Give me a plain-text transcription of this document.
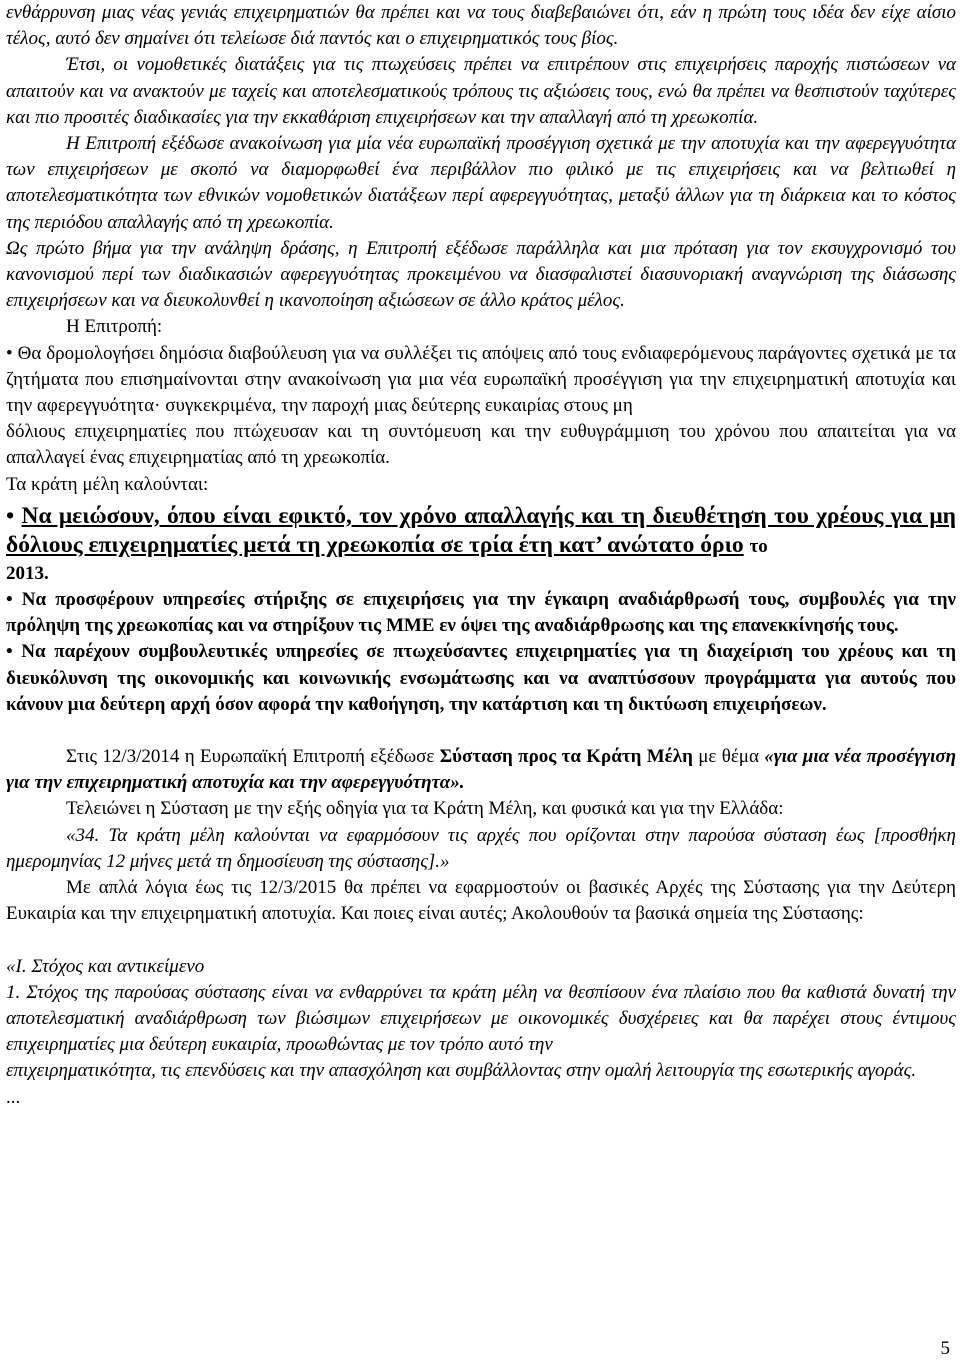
ενθάρρυνση μιας νέας γενιάς επιχειρηματιών θα πρέπει και να τους διαβεβαιώνει ότι, εάν η πρώτη τους ιδέα δεν είχε αίσιο τέλος, αυτό δεν σημαίνει ότι τελείωσε διά παντός και ο επιχειρηματικός τους βίος.

Έτσι, οι νομοθετικές διατάξεις για τις πτωχεύσεις πρέπει να επιτρέπουν στις επιχειρήσεις παροχής πιστώσεων να απαιτούν και να ανακτούν με ταχείς και αποτελεσματικούς τρόπους τις αξιώσεις τους, ενώ θα πρέπει να θεσπιστούν ταχύτερες και πιο προσιτές διαδικασίες για την εκκαθάριση επιχειρήσεων και την απαλλαγή από τη χρεωκοπία.

Η Επιτροπή εξέδωσε ανακοίνωση για μία νέα ευρωπαϊκή προσέγγιση σχετικά με την αποτυχία και την αφερεγγυότητα των επιχειρήσεων με σκοπό να διαμορφωθεί ένα περιβάλλον πιο φιλικό με τις επιχειρήσεις και να βελτιωθεί η αποτελεσματικότητα των εθνικών νομοθετικών διατάξεων περί αφερεγγυότητας, μεταξύ άλλων για τη διάρκεια και το κόστος της περιόδου απαλλαγής από τη χρεωκοπία.

Ως πρώτο βήμα για την ανάληψη δράσης, η Επιτροπή εξέδωσε παράλληλα και μια πρόταση για τον εκσυγχρονισμό του κανονισμού περί των διαδικασιών αφερεγγυότητας προκειμένου να διασφαλιστεί διασυνοριακή αναγνώριση της διάσωσης επιχειρήσεων και να διευκολυνθεί η ικανοποίηση αξιώσεων σε άλλο κράτος μέλος.

Η Επιτροπή:

• Θα δρομολογήσει δημόσια διαβούλευση για να συλλέξει τις απόψεις από τους ενδιαφερόμενους παράγοντες σχετικά με τα ζητήματα που επισημαίνονται στην ανακοίνωση για μια νέα ευρωπαϊκή προσέγγιση για την επιχειρηματική αποτυχία και την αφερεγγυότητα· συγκεκριμένα, την παροχή μιας δεύτερης ευκαιρίας στους μη

δόλιους επιχειρηματίες που πτώχευσαν και τη συντόμευση και την ευθυγράμμιση του χρόνου που απαιτείται για να απαλλαγεί ένας επιχειρηματίας από τη χρεωκοπία.

Τα κράτη μέλη καλούνται:

• Να μειώσουν, όπου είναι εφικτό, τον χρόνο απαλλαγής και τη διευθέτηση του χρέους για μη δόλιους επιχειρηματίες μετά τη χρεωκοπία σε τρία έτη κατ’ ανώτατο όριο το

2013.

• Να προσφέρουν υπηρεσίες στήριξης σε επιχειρήσεις για την έγκαιρη αναδιάρθρωσή τους, συμβουλές για την πρόληψη της χρεωκοπίας και να στηρίξουν τις ΜΜΕ εν όψει της αναδιάρθρωσης και της επανεκκίνησής τους.

• Να παρέχουν συμβουλευτικές υπηρεσίες σε πτωχεύσαντες επιχειρηματίες για τη διαχείριση του χρέους και τη διευκόλυνση της οικονομικής και κοινωνικής ενσωμάτωσης και να αναπτύσσουν προγράμματα για αυτούς που κάνουν μια δεύτερη αρχή όσον αφορά την καθοήγηση, την κατάρτιση και τη δικτύωση επιχειρήσεων.

Στις 12/3/2014 η Ευρωπαϊκή Επιτροπή εξέδωσε Σύσταση προς τα Κράτη Μέλη με θέμα «για μια νέα προσέγγιση για την επιχειρηματική αποτυχία και την αφερεγγυότητα».

Τελειώνει η Σύσταση με την εξής οδηγία για τα Κράτη Μέλη, και φυσικά και για την Ελλάδα:

«34. Τα κράτη μέλη καλούνται να εφαρμόσουν τις αρχές που ορίζονται στην παρούσα σύσταση έως [προσθήκη ημερομηνίας 12 μήνες μετά τη δημοσίευση της σύστασης].»

Με απλά λόγια έως τις 12/3/2015 θα πρέπει να εφαρμοστούν οι βασικές Αρχές της Σύστασης για την Δεύτερη Ευκαιρία και την επιχειρηματική αποτυχία. Και ποιες είναι αυτές; Ακολουθούν τα βασικά σημεία της Σύστασης:

«I. Στόχος και αντικείμενο

1. Στόχος της παρούσας σύστασης είναι να ενθαρρύνει τα κράτη μέλη να θεσπίσουν ένα πλαίσιο που θα καθιστά δυνατή την αποτελεσματική αναδιάρθρωση των βιώσιμων επιχειρήσεων με οικονομικές δυσχέρειες και θα παρέχει στους έντιμους επιχειρηματίες μια δεύτερη ευκαιρία, προωθώντας με τον τρόπο αυτό την

επιχειρηματικότητα, τις επενδύσεις και την απασχόληση και συμβάλλοντας στην ομαλή λειτουργία της εσωτερικής αγοράς.

...

5
